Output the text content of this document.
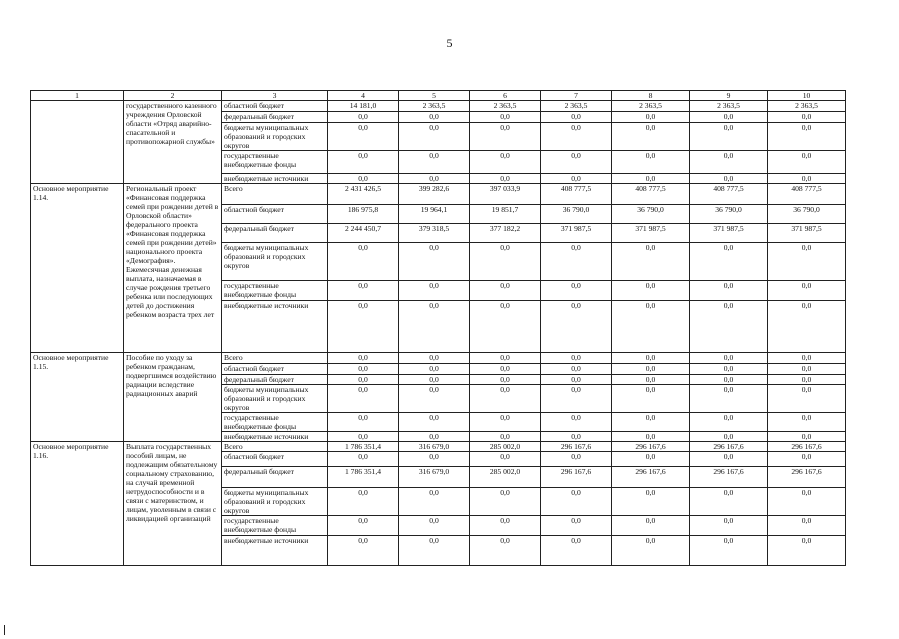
5
1	2	3	4	5	6	7	8	9	10
	государственного казенного учреждения Орловской области «Отряд аварийно-спасательной и противопожарной службы»	областной бюджет	14 181,0	2 363,5	2 363,5	2 363,5	2 363,5	2 363,5	2 363,5
		федеральный бюджет	0,0	0,0	0,0	0,0	0,0	0,0	0,0
		бюджеты муниципальных образований и городских округов	0,0	0,0	0,0	0,0	0,0	0,0	0,0
		государственные внебюджетные фонды	0,0	0,0	0,0	0,0	0,0	0,0	0,0
		внебюджетные источники	0,0	0,0	0,0	0,0	0,0	0,0	0,0
Основное мероприятие 1.14.	Региональный проект «Финансовая поддержка семей при рождении детей в Орловской области» федерального проекта «Финансовая поддержка семей при рождении детей» национального проекта «Демография». Ежемесячная денежная выплата, назначаемая в случае рождения третьего ребенка или последующих детей до достижения ребенком возраста трех лет	Всего	2 431 426,5	399 282,6	397 033,9	408 777,5	408 777,5	408 777,5	408 777,5
		областной бюджет	186 975,8	19 964,1	19 851,7	36 790,0	36 790,0	36 790,0	36 790,0
		федеральный бюджет	2 244 450,7	379 318,5	377 182,2	371 987,5	371 987,5	371 987,5	371 987,5
		бюджеты муниципальных образований и городских округов	0,0	0,0	0,0	0,0	0,0	0,0	0,0
		государственные внебюджетные фонды	0,0	0,0	0,0	0,0	0,0	0,0	0,0
		внебюджетные источники	0,0	0,0	0,0	0,0	0,0	0,0	0,0
Основное мероприятие 1.15.	Пособие по уходу за ребенком гражданам, подвергшимся воздействию радиации вследствие радиационных аварий	Всего	0,0	0,0	0,0	0,0	0,0	0,0	0,0
		областной бюджет	0,0	0,0	0,0	0,0	0,0	0,0	0,0
		федеральный бюджет	0,0	0,0	0,0	0,0	0,0	0,0	0,0
		бюджеты муниципальных образований и городских округов	0,0	0,0	0,0	0,0	0,0	0,0	0,0
		государственные внебюджетные фонды	0,0	0,0	0,0	0,0	0,0	0,0	0,0
		внебюджетные источники	0,0	0,0	0,0	0,0	0,0	0,0	0,0
Основное мероприятие 1.16.	Выплата государственных пособий лицам, не подлежащим обязательному социальному страхованию, на случай временной нетрудоспособности и в связи с материнством, и лицам, уволенным в связи с ликвидацией организаций	Всего	1 786 351,4	316 679,0	285 002,0	296 167,6	296 167,6	296 167,6	296 167,6
		областной бюджет	0,0	0,0	0,0	0,0	0,0	0,0	0,0
		федеральный бюджет	1 786 351,4	316 679,0	285 002,0	296 167,6	296 167,6	296 167,6	296 167,6
		бюджеты муниципальных образований и городских округов	0,0	0,0	0,0	0,0	0,0	0,0	0,0
		государственные внебюджетные фонды	0,0	0,0	0,0	0,0	0,0	0,0	0,0
		внебюджетные источники	0,0	0,0	0,0	0,0	0,0	0,0	0,0
